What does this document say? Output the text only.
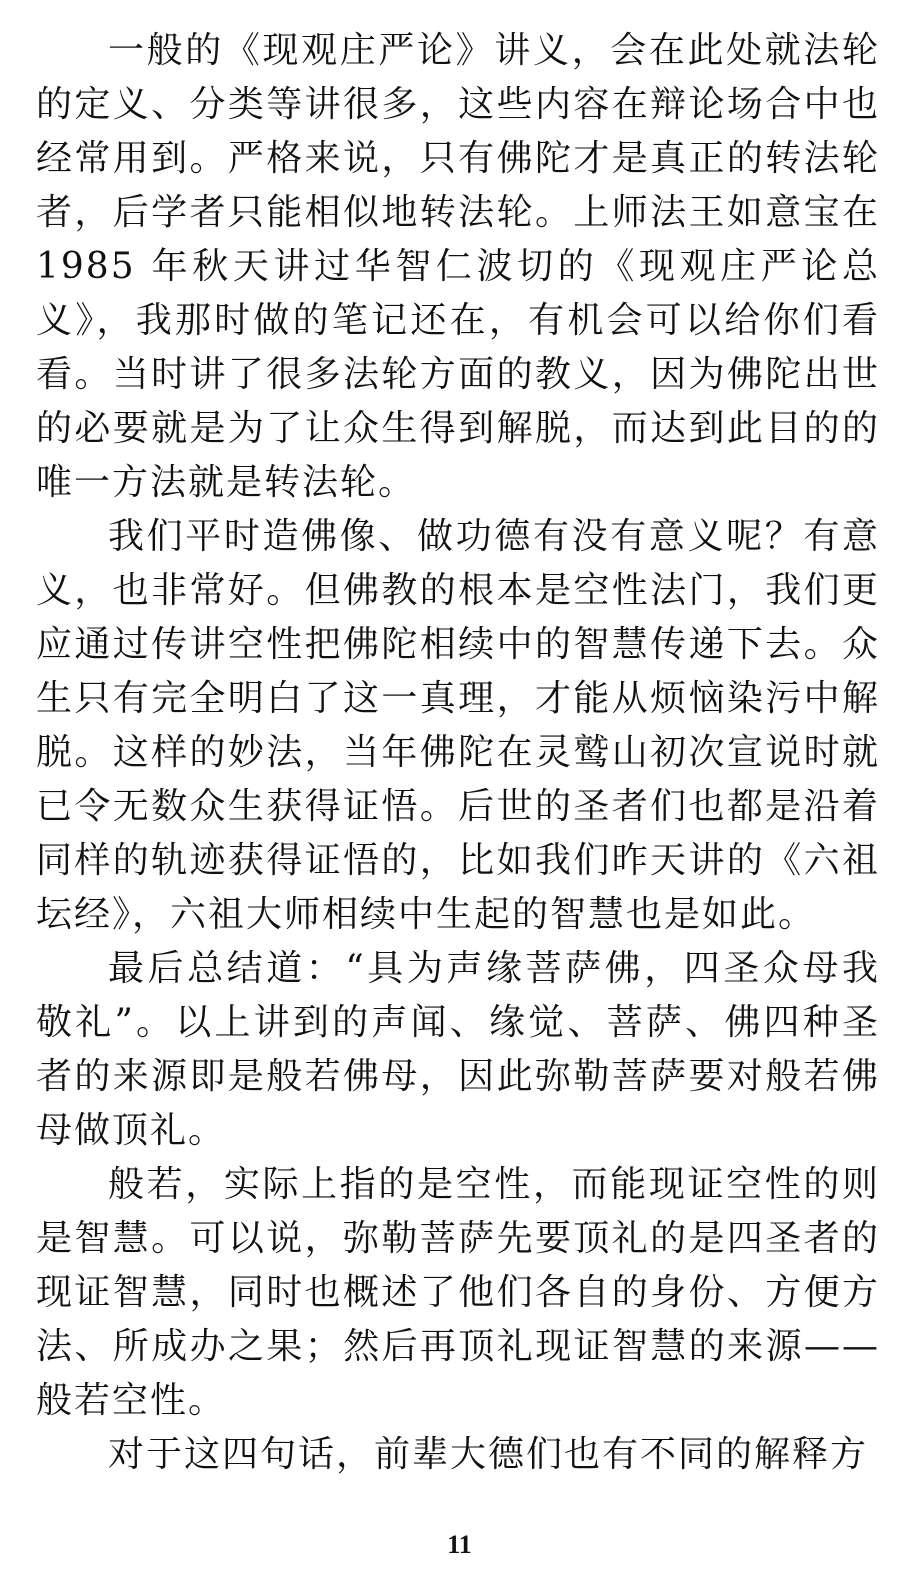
一般的《现观庄严论》讲义，会在此处就法轮的定义、分类等讲很多，这些内容在辩论场合中也经常用到。严格来说，只有佛陀才是真正的转法轮者，后学者只能相似地转法轮。上师法王如意宝在 1985 年秋天讲过华智仁波切的《现观庄严论总义》，我那时做的笔记还在，有机会可以给你们看看。当时讲了很多法轮方面的教义，因为佛陀出世的必要就是为了让众生得到解脱，而达到此目的的唯一方法就是转法轮。

我们平时造佛像、做功德有没有意义呢？有意义，也非常好。但佛教的根本是空性法门，我们更应通过传讲空性把佛陀相续中的智慧传递下去。众生只有完全明白了这一真理，才能从烦恼染污中解脱。这样的妙法，当年佛陀在灵鹫山初次宣说时就已令无数众生获得证悟。后世的圣者们也都是沿着同样的轨迹获得证悟的，比如我们昨天讲的《六祖坛经》，六祖大师相续中生起的智慧也是如此。

最后总结道：“具为声缘菩萨佛，四圣众母我敬礼”。以上讲到的声闻、缘觉、菩萨、佛四种圣者的来源即是般若佛母，因此弥勒菩萨要对般若佛母做顶礼。

般若，实际上指的是空性，而能现证空性的则是智慧。可以说，弥勒菩萨先要顶礼的是四圣者的现证智慧，同时也概述了他们各自的身份、方便方法、所成办之果；然后再顶礼现证智慧的来源——般若空性。

对于这四句话，前辈大德们也有不同的解释方

11
